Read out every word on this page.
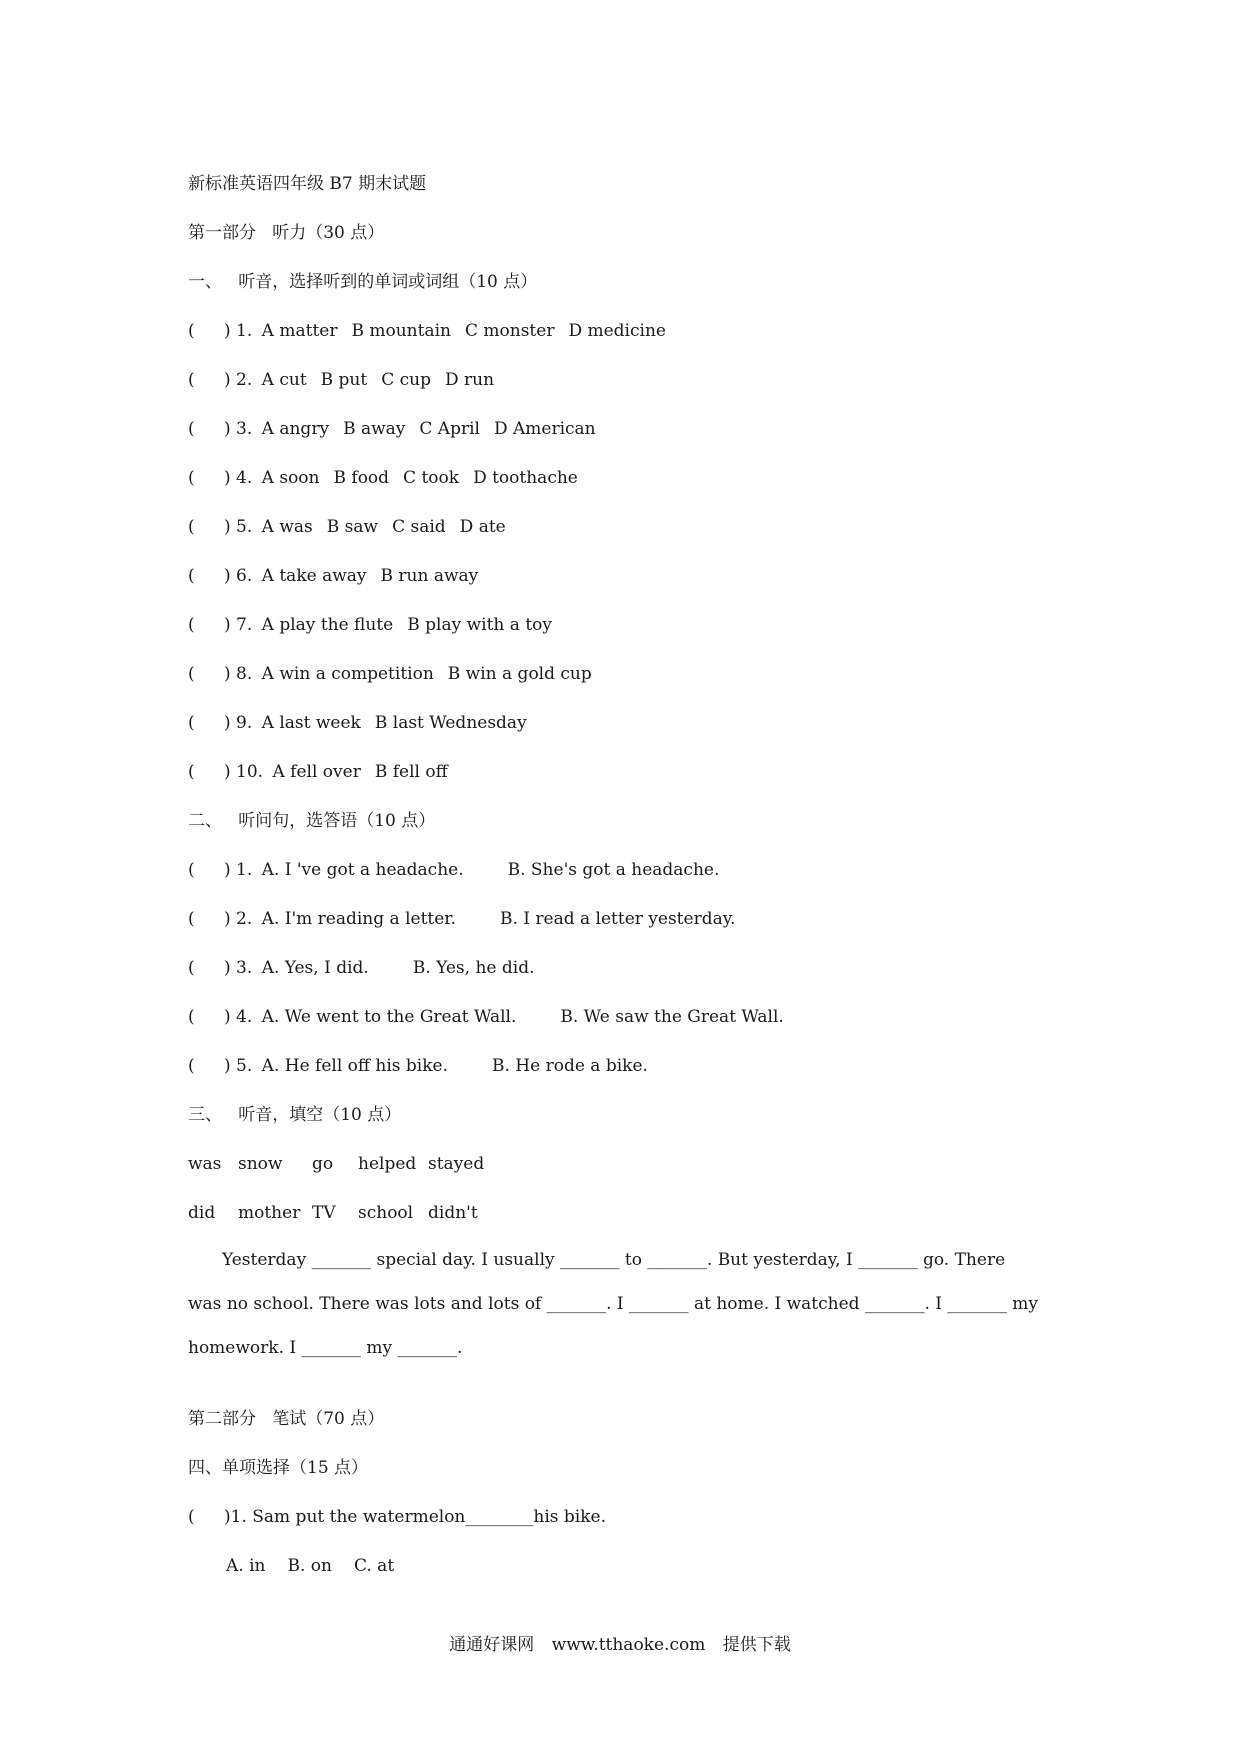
新标准英语四年级 B7 期末试题
第一部分   听力（30 点）
一、   听音，选择听到的单词或词组（10 点）
(	) 1. A matter B mountain C monster D medicine
(	) 2. A cut B put C cup D run
(	) 3. A angry B away C April D American
(	) 4. A soon B food C took D toothache
(	) 5. A was B saw C said D ate
(	) 6. A take away B run away
(	) 7. A play the flute B play with a toy
(	) 8. A win a competition B win a gold cup
(	) 9. A last week B last Wednesday
(	) 10. A fell over B fell off
二、   听问句，选答语（10 点）
(	) 1. A. I 've got a headache.	B. She's got a headache.
(	) 2. A. I'm reading a letter.	B. I read a letter yesterday.
(	) 3. A. Yes, I did.	B. Yes, he did.
(	) 4. A. We went to the Great Wall.	B. We saw the Great Wall.
(	) 5. A. He fell off his bike.	B. He rode a bike.
三、   听音，填空（10 点）
was snow go helped stayed
did mother TV school didn't
Yesterday _______ special day. I usually _______ to _______. But yesterday, I _______ go. There
was no school. There was lots and lots of _______. I _______ at home. I watched _______. I _______ my
homework. I _______ my _______.
第二部分   笔试（70 点）
四、单项选择（15 点）
(	)1. Sam put the watermelon________his bike.
A. in B. on C. at
通通好课网 www.tthaoke.com 提供下载
